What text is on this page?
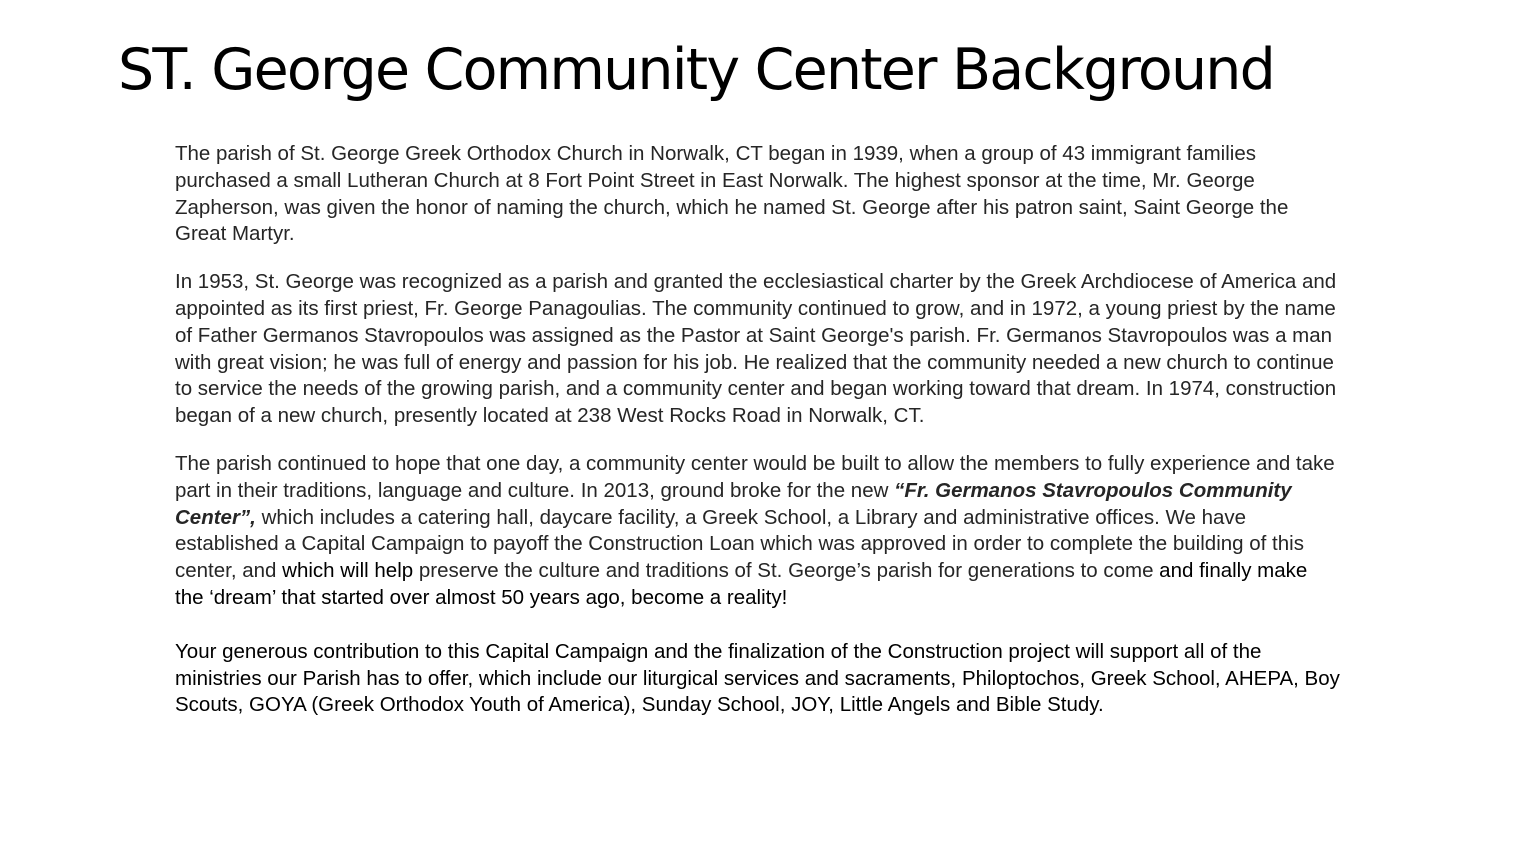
ST. George Community Center Background

The parish of St. George Greek Orthodox Church in Norwalk, CT began in 1939, when a group of 43 immigrant families purchased a small Lutheran Church at 8 Fort Point Street in East Norwalk. The highest sponsor at the time, Mr. George Zapherson, was given the honor of naming the church, which he named St. George after his patron saint, Saint George the Great Martyr.

In 1953, St. George was recognized as a parish and granted the ecclesiastical charter by the Greek Archdiocese of America and appointed as its first priest, Fr. George Panagoulias. The community continued to grow, and in 1972, a young priest by the name of Father Germanos Stavropoulos was assigned as the Pastor at Saint George's parish. Fr. Germanos Stavropoulos was a man with great vision; he was full of energy and passion for his job. He realized that the community needed a new church to continue to service the needs of the growing parish, and a community center and began working toward that dream. In 1974, construction began of a new church, presently located at 238 West Rocks Road in Norwalk, CT.

The parish continued to hope that one day, a community center would be built to allow the members to fully experience and take part in their traditions, language and culture. In 2013, ground broke for the new “Fr. Germanos Stavropoulos Community Center”, which includes a catering hall, daycare facility, a Greek School, a Library and administrative offices. We have established a Capital Campaign to payoff the Construction Loan which was approved in order to complete the building of this center, and which will help preserve the culture and traditions of St. George’s parish for generations to come and finally make the ‘dream’ that started over almost 50 years ago, become a reality!

Your generous contribution to this Capital Campaign and the finalization of the Construction project will support all of the ministries our Parish has to offer, which include our liturgical services and sacraments, Philoptochos, Greek School, AHEPA, Boy Scouts, GOYA (Greek Orthodox Youth of America), Sunday School, JOY, Little Angels and Bible Study.
